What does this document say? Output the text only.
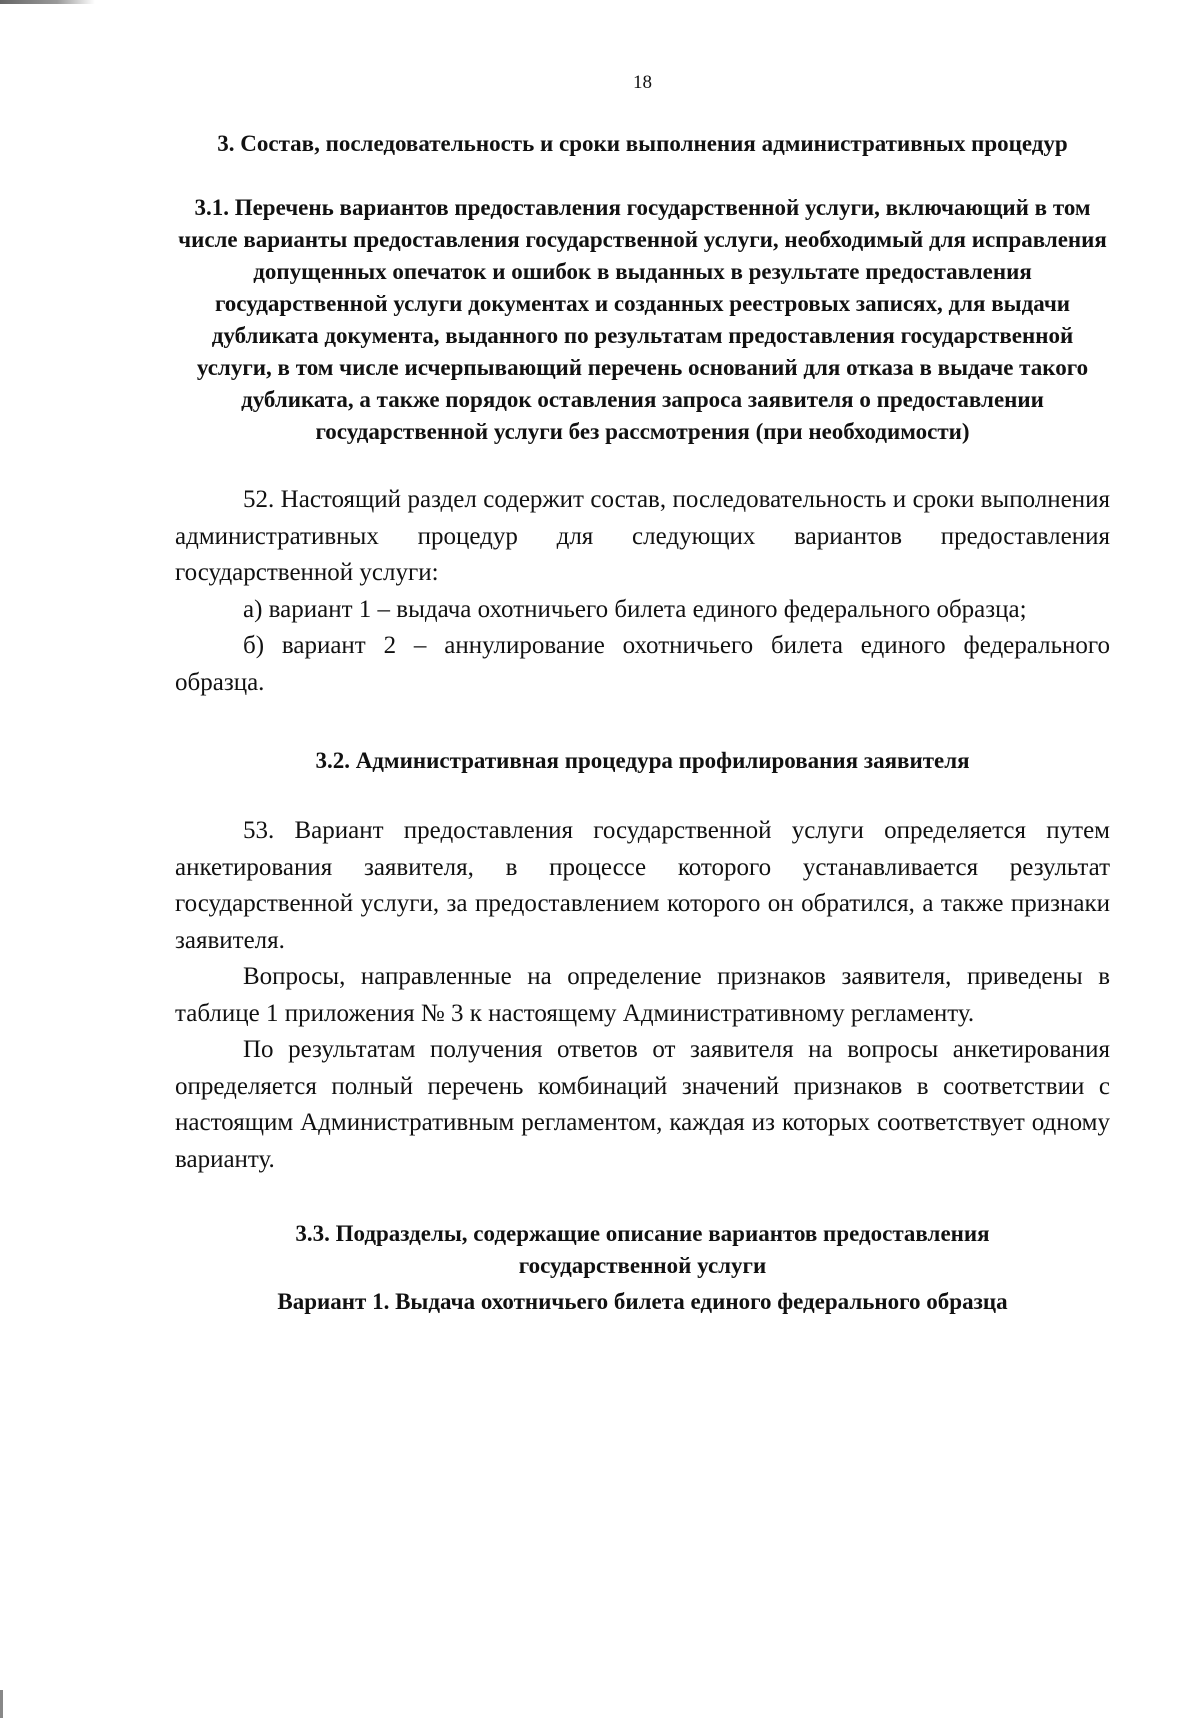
18

3. Состав, последовательность и сроки выполнения административных процедур

3.1. Перечень вариантов предоставления государственной услуги, включающий в том числе варианты предоставления государственной услуги, необходимый для исправления допущенных опечаток и ошибок в выданных в результате предоставления государственной услуги документах и созданных реестровых записях, для выдачи дубликата документа, выданного по результатам предоставления государственной услуги, в том числе исчерпывающий перечень оснований для отказа в выдаче такого дубликата, а также порядок оставления запроса заявителя о предоставлении государственной услуги без рассмотрения (при необходимости)

52. Настоящий раздел содержит состав, последовательность и сроки выполнения административных процедур для следующих вариантов предоставления государственной услуги:

а) вариант 1 – выдача охотничьего билета единого федерального образца;

б) вариант 2 – аннулирование охотничьего билета единого федерального образца.

3.2. Административная процедура профилирования заявителя

53. Вариант предоставления государственной услуги определяется путем анкетирования заявителя, в процессе которого устанавливается результат государственной услуги, за предоставлением которого он обратился, а также признаки заявителя.

Вопросы, направленные на определение признаков заявителя, приведены в таблице 1 приложения № 3 к настоящему Административному регламенту.

По результатам получения ответов от заявителя на вопросы анкетирования определяется полный перечень комбинаций значений признаков в соответствии с настоящим Административным регламентом, каждая из которых соответствует одному варианту.

3.3. Подразделы, содержащие описание вариантов предоставления государственной услуги

Вариант 1. Выдача охотничьего билета единого федерального образца
